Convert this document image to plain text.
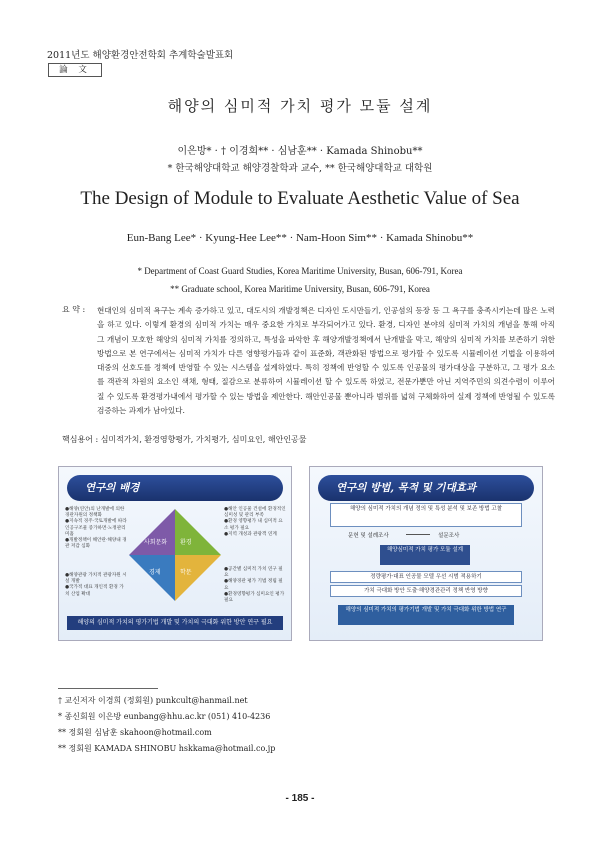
2011년도 해양환경안전학회 추계학술발표회
論 文
해양의 심미적 가치 평가 모듈 설계
이은방* · † 이경희** · 심남훈** · Kamada Shinobu**
* 한국해양대학교 해양경찰학과 교수, ** 한국해양대학교 대학원
The Design of Module to Evaluate Aesthetic Value of Sea
Eun-Bang Lee* · Kyung-Hee Lee** · Nam-Hoon Sim** · Kamada Shinobu**
* Department of Coast Guard Studies, Korea Maritime University, Busan, 606-791, Korea
** Graduate school, Korea Maritime University, Busan, 606-791, Korea
요 약 : 현대인의 심미적 욕구는 계속 증가하고 있고, 대도시의 개발정책은 디자인 도시만들기, 인공섬의 등장 등 그 욕구를 충족시키는데 많은 노력을 하고 있다. 이렇게 환경의 심미적 가치는 매우 중요한 가치로 부각되어가고 있다. 환경, 디자인 분야의 심미적 가치의 개념을 통해 아직 그 개념이 모호한 해양의 심미적 가치를 정의하고, 특성을 파악한 후 해양개발정책에서 난개발을 막고, 해양의 심미적 가치를 보존하기 위한 방법으로 본 연구에서는 심미적 가치가 다른 영향평가들과 같이 표준화, 객관화된 방법으로 평가할 수 있도록 시뮬레이션 기법을 이용하여 대중의 선호도를 정책에 반영할 수 있는 시스템을 설계하였다. 특히 정책에 반영할 수 있도록 인공물의 평가대상을 구분하고, 그 평가 요소를 객관적 차원의 요소인 색채, 형태, 질감으로 분류하여 시뮬레이션 할 수 있도록 하였고, 전문가뿐만 아닌 지역주민의 의견수렴이 이루어질 수 있도록 환경평가내에서 평가할 수 있는 방법을 제안한다. 해안인공물 뿐아니라 범위를 넓혀 구체화하여 실제 정책에 반영될 수 있도록 검증하는 과제가 남아있다.
핵심용어 : 심미적가치, 환경영향평가, 가치평가, 심미요인, 해안인공물
연구의 배경
사회문화 환경
경제	학문
●해양(연안)의 난개발에 의한 경관자원의 정책화
●지속적 경주·국토개발에 따라 인공구조물 증가하면·노정관리 미흡
●개발정책이 해안관·해양내 경관 저감 심화
●해양관광 가치적 관광자원 시설 개발
●국가적 대표 개인적 환경 가치 산업 확대
●해안 인공물 건설에 환경적인 심미성 및 관리 부족
●환경 영향평가 내 심미적 요소 평가 필요
●지역 개성과 관광객 연계
●공간별 심미적 가치 연구 필요
●해양경관 평가 기법 정립 필요
●환경영향평가 심미요인 평가 필요
해양의 심미적 가치의 평가기법 개발 및 가치의 극대화 위한 방안 연구 필요
연구의 방법, 목적 및 기대효과
해양의 심미적 가치의 개념 정의 및 특성 분석 및 보존 방법 고찰
문헌 및 설례조사	설문조사
해양심미적 가치 평가 모듈 설계
정량평가·대표 인공물 모델 우선 시범 적용하기
가치 극대화 방안 도출·해양경관관리 정책 반영 방향
해양의 심미적 가치의 평가기법 개발 및 가치 극대화 위한 방법 연구
† 교신저자 이경희 (정회원) punkcult@hanmail.net
* 종신회원 이은방 eunbang@hhu.ac.kr (051) 410-4236
** 정회원 심남훈 skahoon@hotmail.com
** 정회원 KAMADA SHINOBU hskkama@hotmail.co.jp
- 185 -
